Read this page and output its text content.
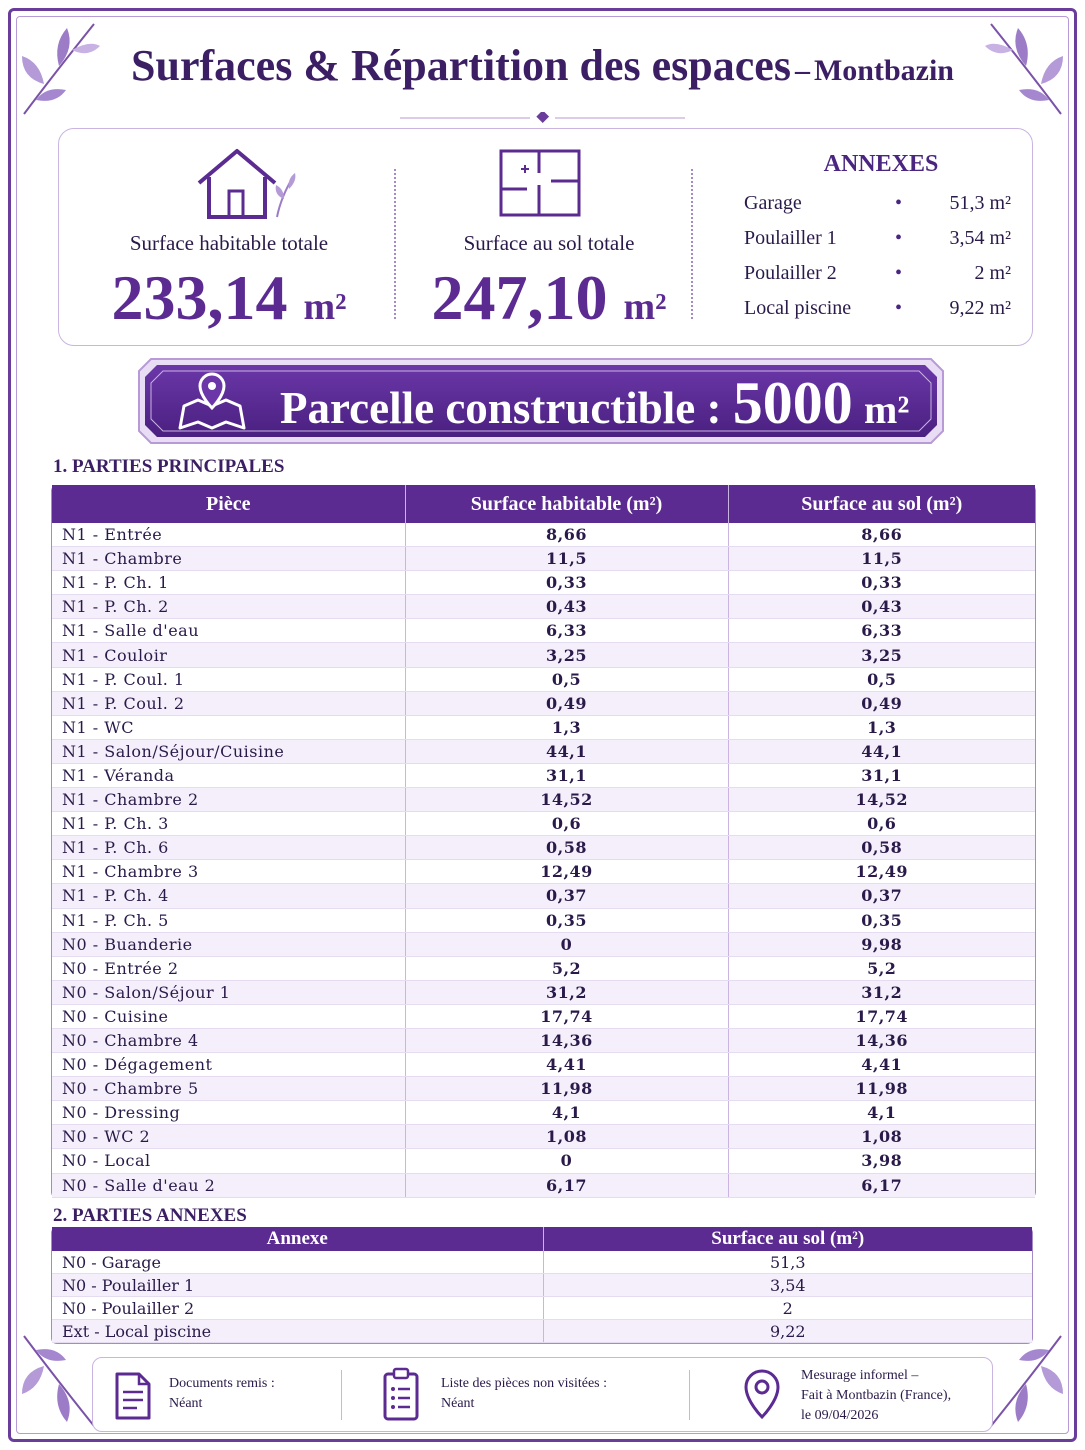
Surfaces & Répartition des espaces – Montbazin
Surface habitable totale
233,14 m²
Surface au sol totale
247,10 m²
ANNEXES
Garage	• 51,3 m²
Poulailler 1	• 3,54 m²
Poulailler 2	•	2 m²
Local piscine • 9,22 m²
Parcelle constructible : 5000 m²
1. PARTIES PRINCIPALES
Pièce	Surface habitable (m²)	Surface au sol (m²)
N1 - Entrée	8,66	8,66
N1 - Chambre	11,5	11,5
N1 - P. Ch. 1	0,33	0,33
N1 - P. Ch. 2	0,43	0,43
N1 - Salle d'eau	6,33	6,33
N1 - Couloir	3,25	3,25
N1 - P. Coul. 1	0,5	0,5
N1 - P. Coul. 2	0,49	0,49
N1 - WC	1,3	1,3
N1 - Salon/Séjour/Cuisine	44,1	44,1
N1 - Véranda	31,1	31,1
N1 - Chambre 2	14,52	14,52
N1 - P. Ch. 3	0,6	0,6
N1 - P. Ch. 6	0,58	0,58
N1 - Chambre 3	12,49	12,49
N1 - P. Ch. 4	0,37	0,37
N1 - P. Ch. 5	0,35	0,35
N0 - Buanderie	0	9,98
N0 - Entrée 2	5,2	5,2
N0 - Salon/Séjour 1	31,2	31,2
N0 - Cuisine	17,74	17,74
N0 - Chambre 4	14,36	14,36
N0 - Dégagement	4,41	4,41
N0 - Chambre 5	11,98	11,98
N0 - Dressing	4,1	4,1
N0 - WC 2	1,08	1,08
N0 - Local	0	3,98
N0 - Salle d'eau 2	6,17	6,17
2. PARTIES ANNEXES
Annexe	Surface au sol (m²)
N0 - Garage	51,3
N0 - Poulailler 1	3,54
N0 - Poulailler 2	2
Ext - Local piscine	9,22
Documents remis :
Néant
Liste des pièces non visitées :
Néant
Mesurage informel –
Fait à Montbazin (France),
le 09/04/2026
